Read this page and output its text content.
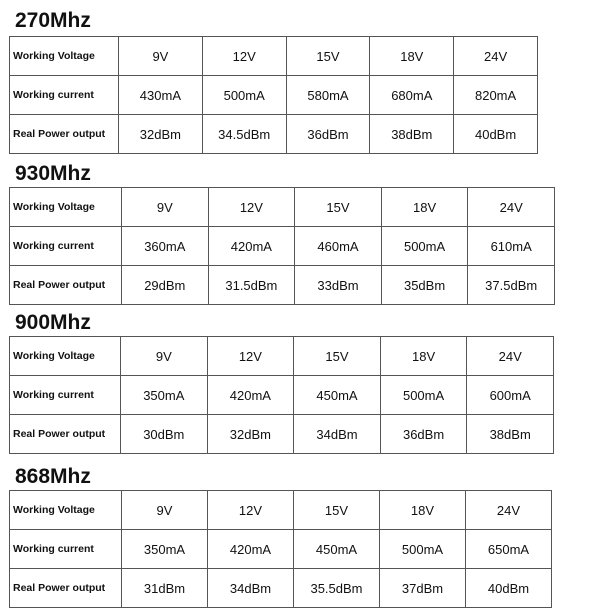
270Mhz
Working Voltage	9V	12V	15V	18V	24V
Working current	430mA	500mA	580mA	680mA	820mA
Real Power output	32dBm	34.5dBm	36dBm	38dBm	40dBm
930Mhz
Working Voltage	9V	12V	15V	18V	24V
Working current	360mA	420mA	460mA	500mA	610mA
Real Power output	29dBm	31.5dBm	33dBm	35dBm	37.5dBm
900Mhz
Working Voltage	9V	12V	15V	18V	24V
Working current	350mA	420mA	450mA	500mA	600mA
Real Power output	30dBm	32dBm	34dBm	36dBm	38dBm
868Mhz
Working Voltage	9V	12V	15V	18V	24V
Working current	350mA	420mA	450mA	500mA	650mA
Real Power output	31dBm	34dBm	35.5dBm	37dBm	40dBm
